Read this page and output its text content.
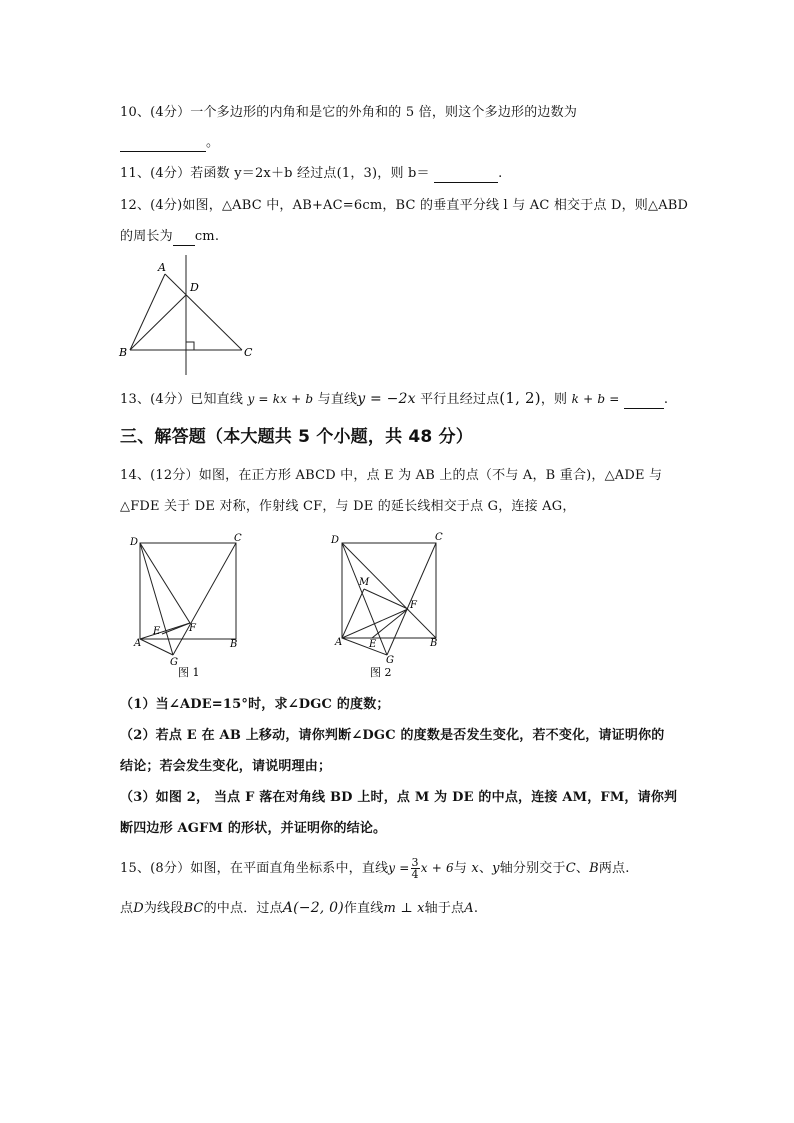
10、(4分）一个多边形的内角和是它的外角和的 5 倍，则这个多边形的边数为
。
11、(4分）若函数 y＝2x＋b 经过点(1，3)，则 b＝	.
12、(4分)如图，△ABC 中，AB+AC=6cm，BC 的垂直平分线 l 与 AC 相交于点 D，则△ABD
的周长为 cm.
A
D
B	C
13、(4分）已知直线 y = kx + b 与直线y = −2x 平行且经过点(1, 2)，则 k + b =	.
三、解答题（本大题共 5 个小题，共 48 分）
14、(12分）如图，在正方形 ABCD 中，点 E 为 AB 上的点（不与 A，B 重合)，△ADE 与
△FDE 关于 DE 对称，作射线 CF，与 DE 的延长线相交于点 G，连接 AG，
D	C
A	B
E	F
G
图 1
D	C
M
F
A	E	B
G
图 2
（1）当∠ADE=15°时，求∠DGC 的度数；
（2）若点 E 在 AB 上移动，请你判断∠DGC 的度数是否发生变化，若不变化，请证明你的
结论；若会发生变化，请说明理由；
（3）如图 2， 当点 F 落在对角线 BD 上时，点 M 为 DE 的中点，连接 AM，FM，请你判
断四边形 AGFM 的形状，并证明你的结论。
15、(8分）如图，在平面直角坐标系中，直线$y = \frac{3}{4}$ x + 6与 x、y轴分别交于C、B两点.
点D为线段BC的中点．过点A(−2, 0)作直线m ⊥ x轴于点A.
